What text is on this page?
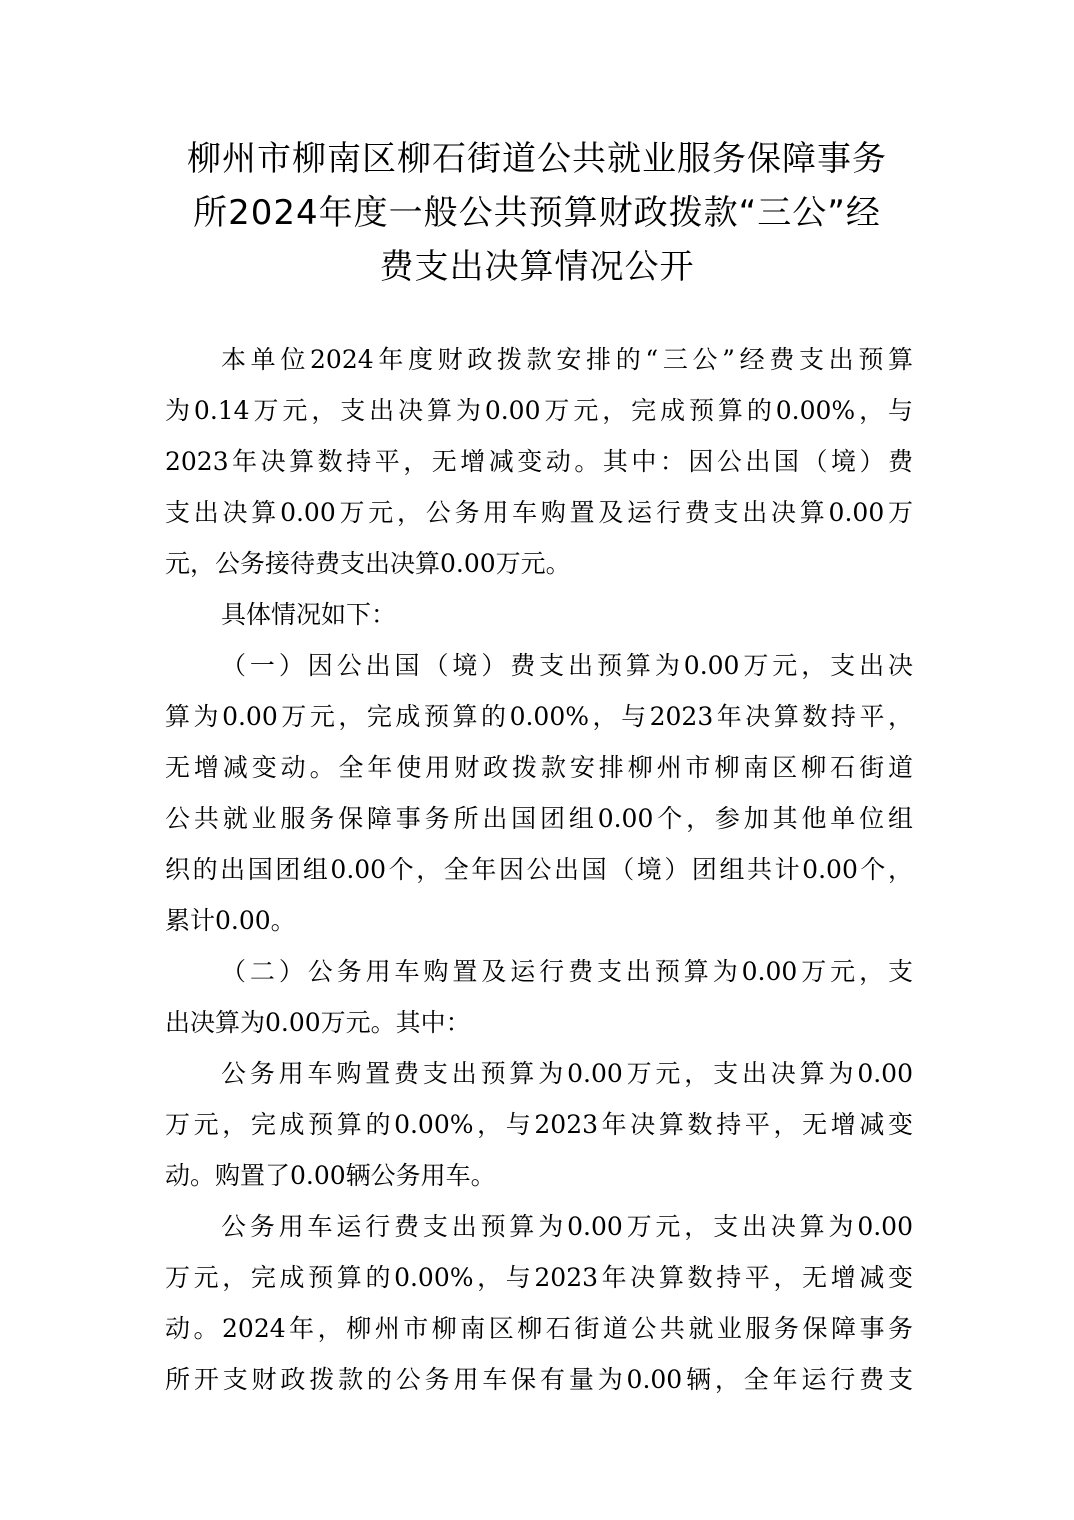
柳州市柳南区柳石街道公共就业服务保障事务
所2024年度一般公共预算财政拨款“三公”经
费支出决算情况公开
本单位2024年度财政拨款安排的“三公”经费支出预算
为0.14万元，支出决算为0.00万元，完成预算的0.00%，与
2023年决算数持平，无增减变动。其中：因公出国（境）费
支出决算0.00万元，公务用车购置及运行费支出决算0.00万
元，公务接待费支出决算0.00万元。
具体情况如下：
（一）因公出国（境）费支出预算为0.00万元，支出决
算为0.00万元，完成预算的0.00%，与2023年决算数持平，
无增减变动。全年使用财政拨款安排柳州市柳南区柳石街道
公共就业服务保障事务所出国团组0.00个，参加其他单位组
织的出国团组0.00个，全年因公出国（境）团组共计0.00个，
累计0.00。
（二）公务用车购置及运行费支出预算为0.00万元，支
出决算为0.00万元。其中：
公务用车购置费支出预算为0.00万元，支出决算为0.00
万元，完成预算的0.00%，与2023年决算数持平，无增减变
动。购置了0.00辆公务用车。
公务用车运行费支出预算为0.00万元，支出决算为0.00
万元，完成预算的0.00%，与2023年决算数持平，无增减变
动。2024年，柳州市柳南区柳石街道公共就业服务保障事务
所开支财政拨款的公务用车保有量为0.00辆，全年运行费支
